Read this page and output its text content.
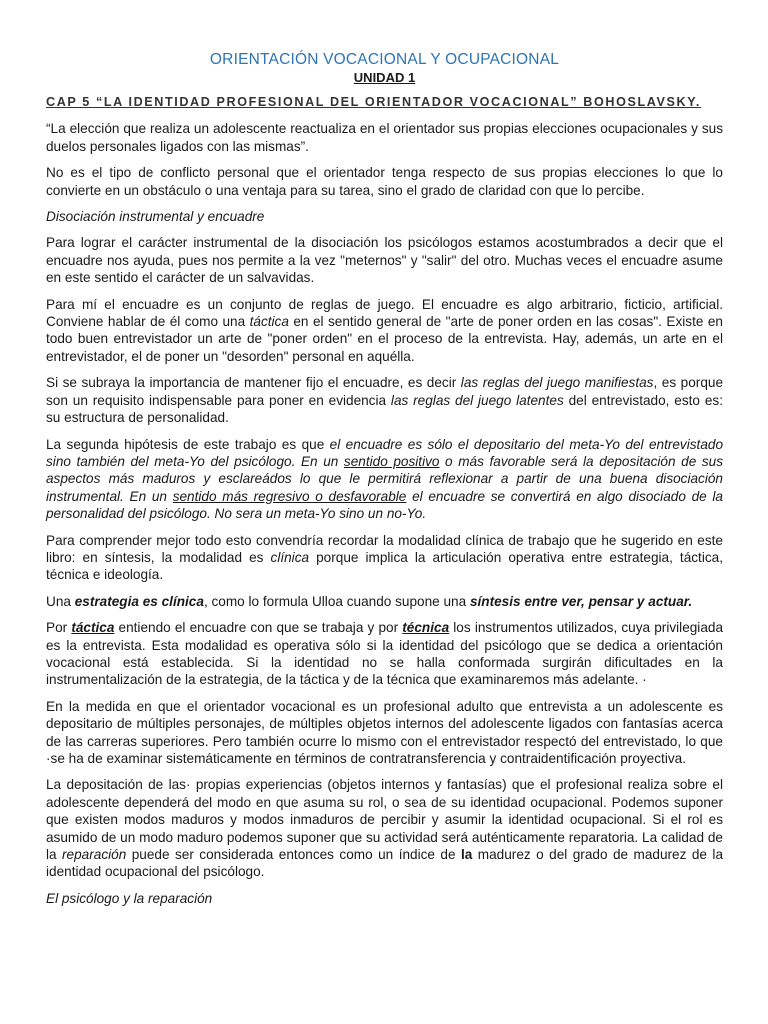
ORIENTACIÓN VOCACIONAL Y OCUPACIONAL
UNIDAD 1
CAP 5 “LA IDENTIDAD PROFESIONAL DEL ORIENTADOR VOCACIONAL” BOHOSLAVSKY.

“La elección que realiza un adolescente reactualiza en el orientador sus propias elecciones ocupacionales y sus duelos personales ligados con las mismas”.

No es el tipo de conflicto personal que el orientador tenga respecto de sus propias elecciones lo que lo convierte en un obstáculo o una ventaja para su tarea, sino el grado de claridad con que lo percibe.

Disociación instrumental y encuadre

Para lograr el carácter instrumental de la disociación los psicólogos estamos acostumbrados a decir que el encuadre nos ayuda, pues nos permite a la vez "meternos" y "salir" del otro. Muchas veces el encuadre asume en este sentido el carácter de un salvavidas.

Para mí el encuadre es un conjunto de reglas de juego. El encuadre es algo arbitrario, ficticio, artificial. Conviene hablar de él como una táctica en el sentido general de "arte de poner orden en las cosas". Existe en todo buen entrevistador un arte de "poner orden" en el proceso de la entrevista. Hay, además, un arte en el entrevistador, el de poner un "desorden" personal en aquélla.

Si se subraya la importancia de mantener fijo el encuadre, es decir las reglas del juego manifiestas, es porque son un requisito indispensable para poner en evidencia las reglas del juego latentes del entrevistado, esto es: su estructura de personalidad.

La segunda hipótesis de este trabajo es que el encuadre es sólo el depositario del meta-Yo del entrevistado sino también del meta-Yo del psicólogo. En un sentido positivo o más favorable será la depositación de sus aspectos más maduros y esclareádos lo que le permitirá reflexionar a partir de una buena disociación instrumental. En un sentido más regresivo o desfavorable el encuadre se convertirá en algo disociado de la personalidad del psicólogo. No sera un meta-Yo sino un no-Yo.

Para comprender mejor todo esto convendría recordar la modalidad clínica de trabajo que he sugerido en este libro: en síntesis, la modalidad es clínica porque implica la articulación operativa entre estrategia, táctica, técnica e ideología.

Una estrategia es clínica, como lo formula Ulloa cuando supone una síntesis entre ver, pensar y actuar.

Por táctica entiendo el encuadre con que se trabaja y por técnica los instrumentos utilizados, cuya privilegiada es la entrevista. Esta modalidad es operativa sólo si la identidad del psicólogo que se dedica a orientación vocacional está establecida. Si la identidad no se halla conformada surgirán dificultades en la instrumentalización de la estrategia, de la táctica y de la técnica que examinaremos más adelante. ·

En la medida en que el orientador vocacional es un profesional adulto que entrevista a un adolescente es depositario de múltiples personajes, de múltiples objetos internos del adolescente ligados con fantasías acerca de las carreras superiores. Pero también ocurre lo mismo con el entrevistador respectó del entrevistado, lo que ·se ha de examinar sistemáticamente en términos de contratransferencia y contraidentificación proyectiva.

La depositación de las· propias experiencias (objetos internos y fantasías) que el profesional realiza sobre el adolescente dependerá del modo en que asuma su rol, o sea de su identidad ocupacional. Podemos suponer que existen modos maduros y modos inmaduros de percibir y asumir la identidad ocupacional. Si el rol es asumido de un modo maduro podemos suponer que su actividad será auténticamente reparatoria. La calidad de la reparación puede ser considerada entonces como un índice de la madurez o del grado de madurez de la identidad ocupacional del psicólogo.

El psicólogo y la reparación
